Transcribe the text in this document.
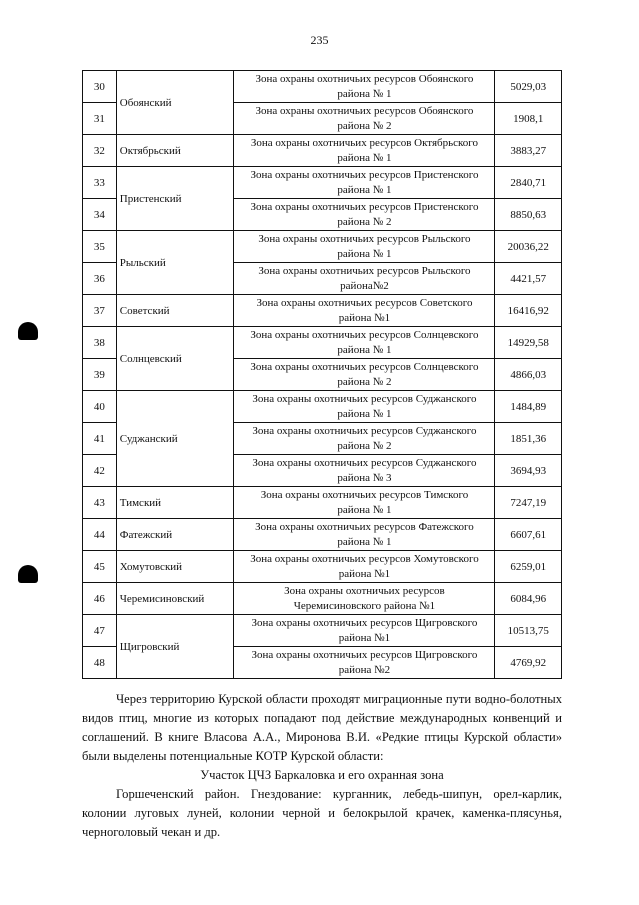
235
30	Обоянский	Зона охраны охотничьих ресурсов Обоянского
района № 1	5029,03
31		Зона охраны охотничьих ресурсов Обоянского
района № 2	1908,1
32	Октябрьский	Зона охраны охотничьих ресурсов Октябрьского
района № 1	3883,27
33	Пристенский	Зона охраны охотничьих ресурсов Пристенского
района № 1	2840,71
34		Зона охраны охотничьих ресурсов Пристенского
района № 2	8850,63
35	Рыльский	Зона охраны охотничьих ресурсов Рыльского
района № 1	20036,22
36		Зона охраны охотничьих ресурсов Рыльского
района№2	4421,57
37	Советский	Зона охраны охотничьих ресурсов Советского
района №1	16416,92
38	Солнцевский	Зона охраны охотничьих ресурсов Солнцевского
района № 1	14929,58
39		Зона охраны охотничьих ресурсов Солнцевского
района № 2	4866,03
40	Суджанский	Зона охраны охотничьих ресурсов Суджанского
района № 1	1484,89
41		Зона охраны охотничьих ресурсов Суджанского
района № 2	1851,36
42		Зона охраны охотничьих ресурсов Суджанского
района № 3	3694,93
43	Тимский	Зона охраны охотничьих ресурсов Тимского
района № 1	7247,19
44	Фатежский	Зона охраны охотничьих ресурсов Фатежского
района № 1	6607,61
45	Хомутовский	Зона охраны охотничьих ресурсов Хомутовского
района №1	6259,01
46	Черемисиновский	Зона охраны охотничьих ресурсов
Черемисиновского района №1	6084,96
47	Щигровский	Зона охраны охотничьих ресурсов Щигровского
района №1	10513,75
48		Зона охраны охотничьих ресурсов Щигровского
района №2	4769,92

Через территорию Курской области проходят миграционные пути водно-болотных видов птиц, многие из которых попадают под действие международных конвенций и соглашений. В книге Власова А.А., Миронова В.И. «Редкие птицы Курской области» были выделены потенциальные КОТР Курской области:

Участок ЦЧЗ Баркаловка и его охранная зона

Горшеченский район. Гнездование: курганник, лебедь-шипун, орел-карлик, колонии луговых луней, колонии черной и белокрылой крачек, каменка-плясунья, черноголовый чекан и др.
